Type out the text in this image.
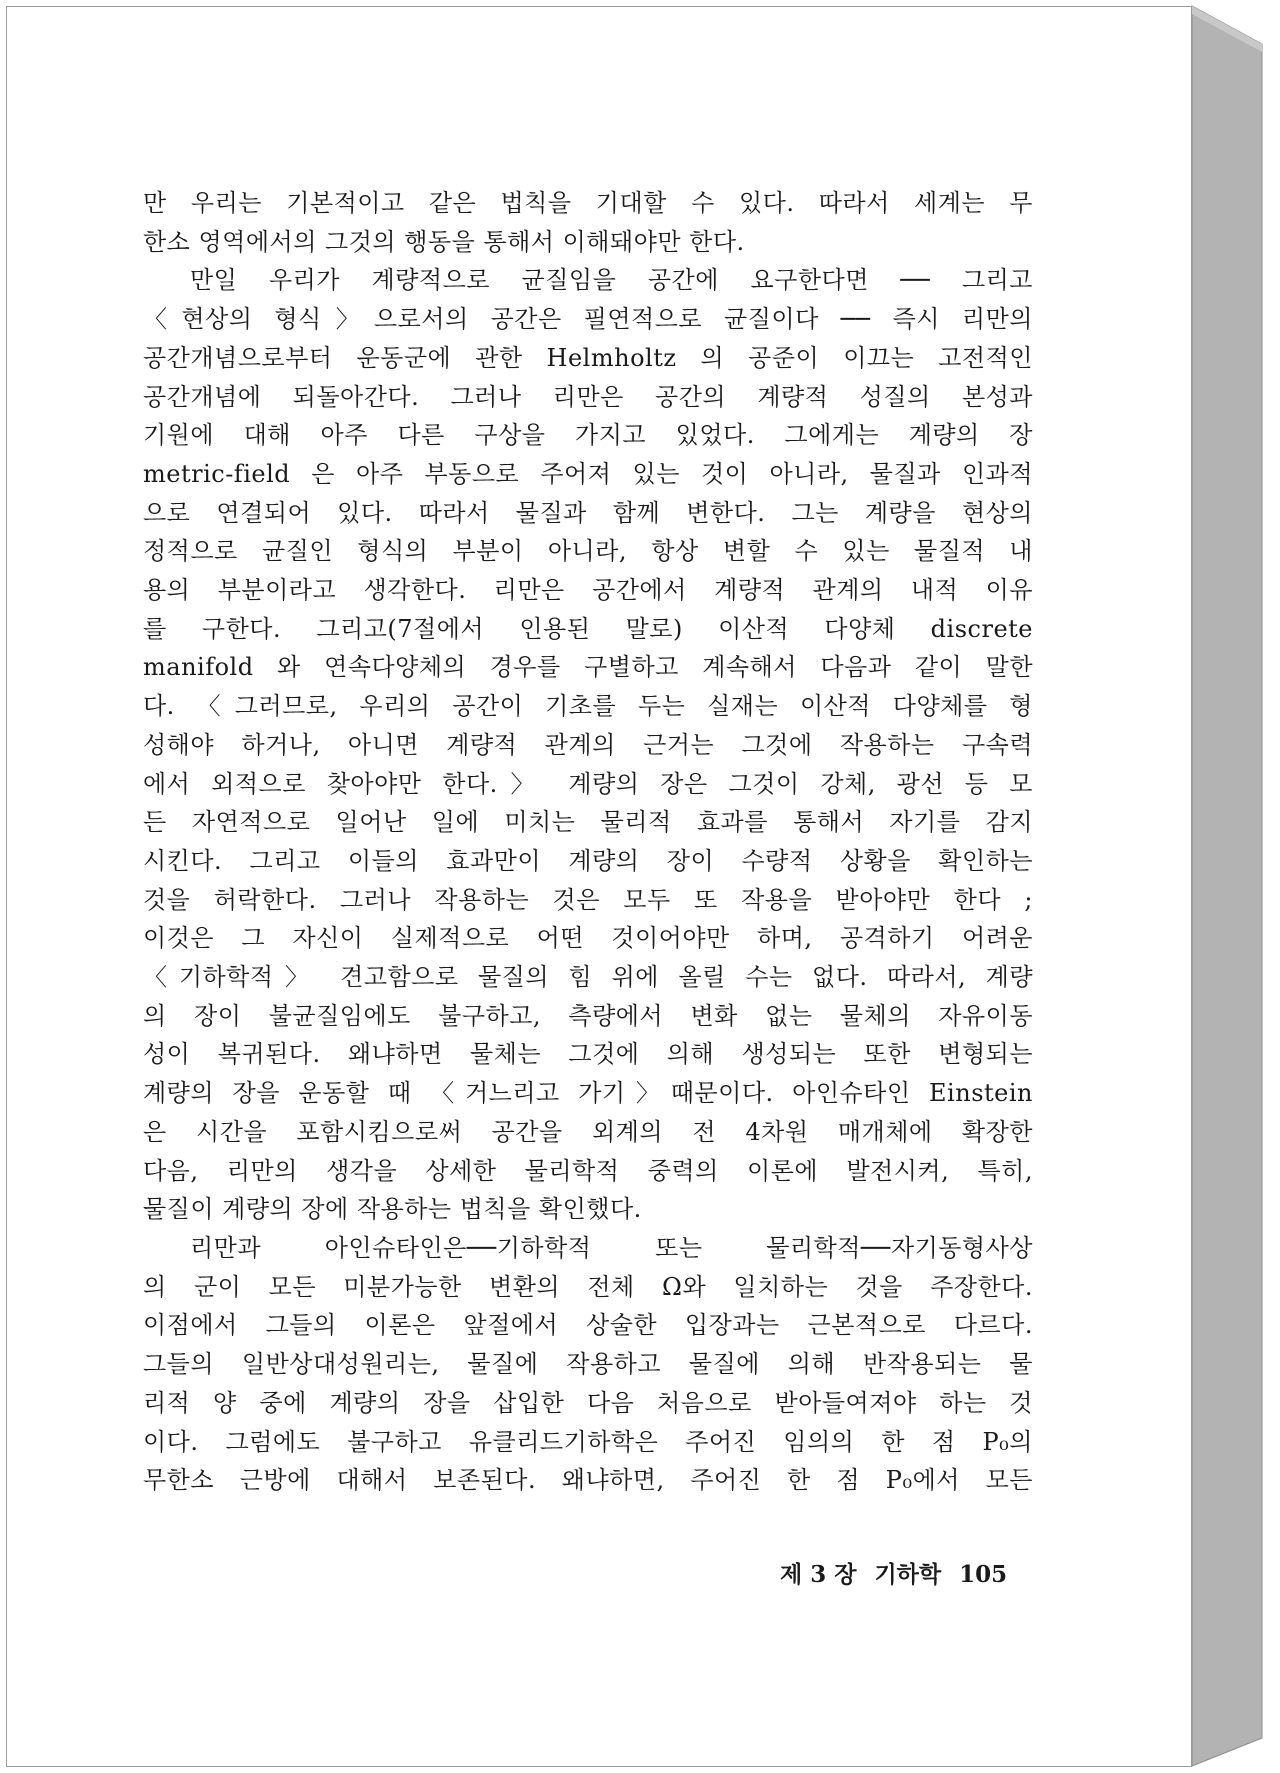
만 우리는 기본적이고 같은 법칙을 기대할 수 있다. 따라서 세계는 무
한소 영역에서의 그것의 행동을 통해서 이해돼야만 한다.
만일 우리가 계량적으로 균질임을 공간에 요구한다면 ── 그리고
〈현상의 형식〉으로서의 공간은 필연적으로 균질이다 ── 즉시 리만의
공간개념으로부터 운동군에 관한 Helmholtz 의 공준이 이끄는 고전적인
공간개념에 되돌아간다. 그러나 리만은 공간의 계량적 성질의 본성과
기원에 대해 아주 다른 구상을 가지고 있었다. 그에게는 계량의 장
metric-field 은 아주 부동으로 주어져 있는 것이 아니라, 물질과 인과적
으로 연결되어 있다. 따라서 물질과 함께 변한다. 그는 계량을 현상의
정적으로 균질인 형식의 부분이 아니라, 항상 변할 수 있는 물질적 내
용의 부분이라고 생각한다. 리만은 공간에서 계량적 관계의 내적 이유
를 구한다. 그리고(7절에서 인용된 말로) 이산적 다양체 discrete
manifold 와 연속다양체의 경우를 구별하고 계속해서 다음과 같이 말한
다. 〈그러므로, 우리의 공간이 기초를 두는 실재는 이산적 다양체를 형
성해야 하거나, 아니면 계량적 관계의 근거는 그것에 작용하는 구속력
에서 외적으로 찾아야만 한다.〉 계량의 장은 그것이 강체, 광선 등 모
든 자연적으로 일어난 일에 미치는 물리적 효과를 통해서 자기를 감지
시킨다. 그리고 이들의 효과만이 계량의 장이 수량적 상황을 확인하는
것을 허락한다. 그러나 작용하는 것은 모두 또 작용을 받아야만 한다 ;
이것은 그 자신이 실제적으로 어떤 것이어야만 하며, 공격하기 어려운
〈기하학적〉 견고함으로 물질의 힘 위에 올릴 수는 없다. 따라서, 계량
의 장이 불균질임에도 불구하고, 측량에서 변화 없는 물체의 자유이동
성이 복귀된다. 왜냐하면 물체는 그것에 의해 생성되는 또한 변형되는
계량의 장을 운동할 때 〈거느리고 가기〉때문이다. 아인슈타인 Einstein
은 시간을 포함시킴으로써 공간을 외계의 전 4차원 매개체에 확장한
다음, 리만의 생각을 상세한 물리학적 중력의 이론에 발전시켜, 특히,
물질이 계량의 장에 작용하는 법칙을 확인했다.
리만과 아인슈타인은──기하학적 또는 물리학적──자기동형사상
의 군이 모든 미분가능한 변환의 전체 Ω와 일치하는 것을 주장한다.
이점에서 그들의 이론은 앞절에서 상술한 입장과는 근본적으로 다르다.
그들의 일반상대성원리는, 물질에 작용하고 물질에 의해 반작용되는 물
리적 양 중에 계량의 장을 삽입한 다음 처음으로 받아들여져야 하는 것
이다. 그럼에도 불구하고 유클리드기하학은 주어진 임의의 한 점 P₀의
무한소 근방에 대해서 보존된다. 왜냐하면, 주어진 한 점 P₀에서 모든
제 3 장 기하학 105
